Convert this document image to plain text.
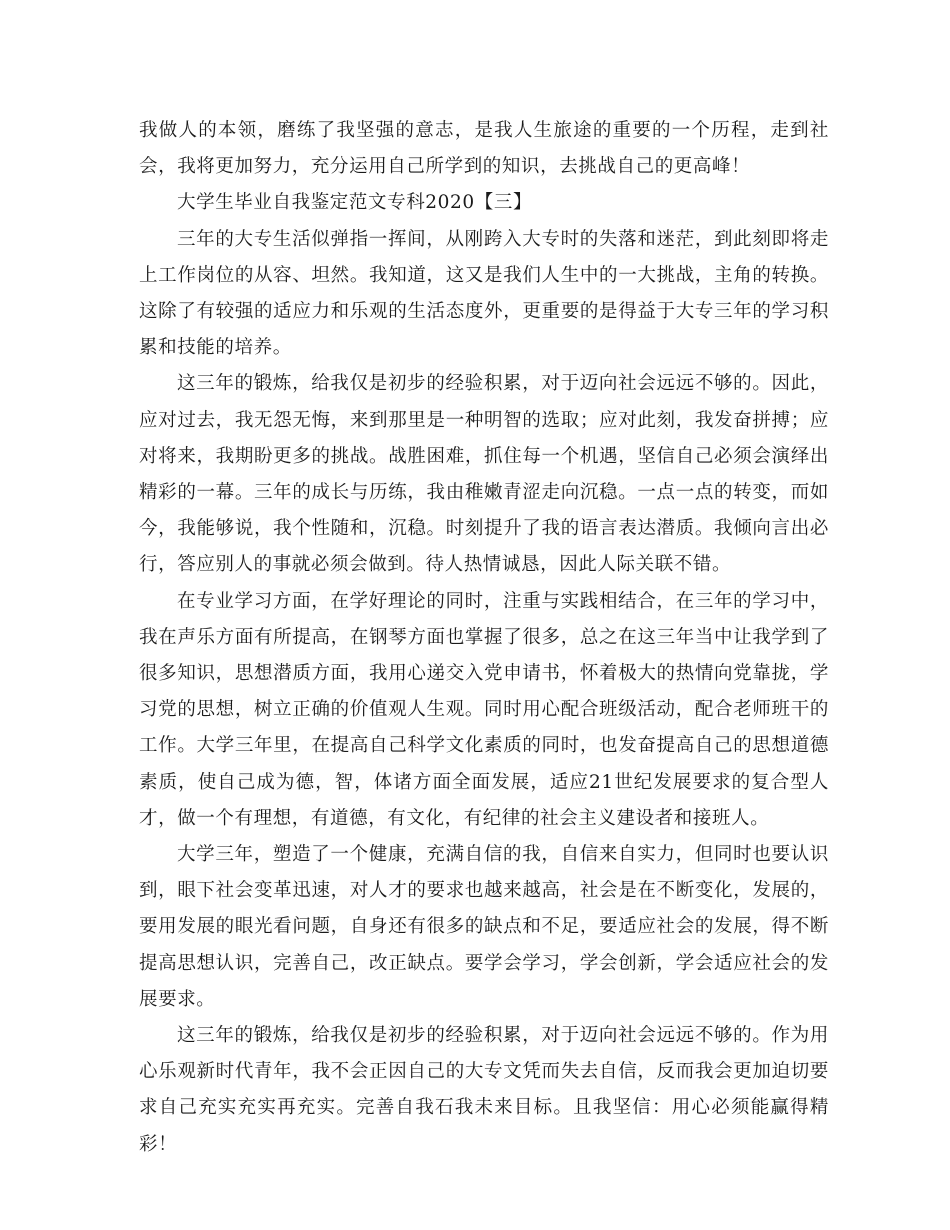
我做人的本领，磨练了我坚强的意志，是我人生旅途的重要的一个历程，走到社会，我将更加努力，充分运用自己所学到的知识，去挑战自己的更高峰！

大学生毕业自我鉴定范文专科2020【三】

三年的大专生活似弹指一挥间，从刚跨入大专时的失落和迷茫，到此刻即将走上工作岗位的从容、坦然。我知道，这又是我们人生中的一大挑战，主角的转换。这除了有较强的适应力和乐观的生活态度外，更重要的是得益于大专三年的学习积累和技能的培养。

这三年的锻炼，给我仅是初步的经验积累，对于迈向社会远远不够的。因此，应对过去，我无怨无悔，来到那里是一种明智的选取；应对此刻，我发奋拼搏；应对将来，我期盼更多的挑战。战胜困难，抓住每一个机遇，坚信自己必须会演绎出精彩的一幕。三年的成长与历练，我由稚嫩青涩走向沉稳。一点一点的转变，而如今，我能够说，我个性随和，沉稳。时刻提升了我的语言表达潜质。我倾向言出必行，答应别人的事就必须会做到。待人热情诚恳，因此人际关联不错。

在专业学习方面，在学好理论的同时，注重与实践相结合，在三年的学习中，我在声乐方面有所提高，在钢琴方面也掌握了很多，总之在这三年当中让我学到了很多知识，思想潜质方面，我用心递交入党申请书，怀着极大的热情向党靠拢，学习党的思想，树立正确的价值观人生观。同时用心配合班级活动，配合老师班干的工作。大学三年里，在提高自己科学文化素质的同时，也发奋提高自己的思想道德素质，使自己成为德，智，体诸方面全面发展，适应21世纪发展要求的复合型人才，做一个有理想，有道德，有文化，有纪律的社会主义建设者和接班人。

大学三年，塑造了一个健康，充满自信的我，自信来自实力，但同时也要认识到，眼下社会变革迅速，对人才的要求也越来越高，社会是在不断变化，发展的，要用发展的眼光看问题，自身还有很多的缺点和不足，要适应社会的发展，得不断提高思想认识，完善自己，改正缺点。要学会学习，学会创新，学会适应社会的发展要求。

这三年的锻炼，给我仅是初步的经验积累，对于迈向社会远远不够的。作为用心乐观新时代青年，我不会正因自己的大专文凭而失去自信，反而我会更加迫切要求自己充实充实再充实。完善自我石我未来目标。且我坚信：用心必须能赢得精彩！
